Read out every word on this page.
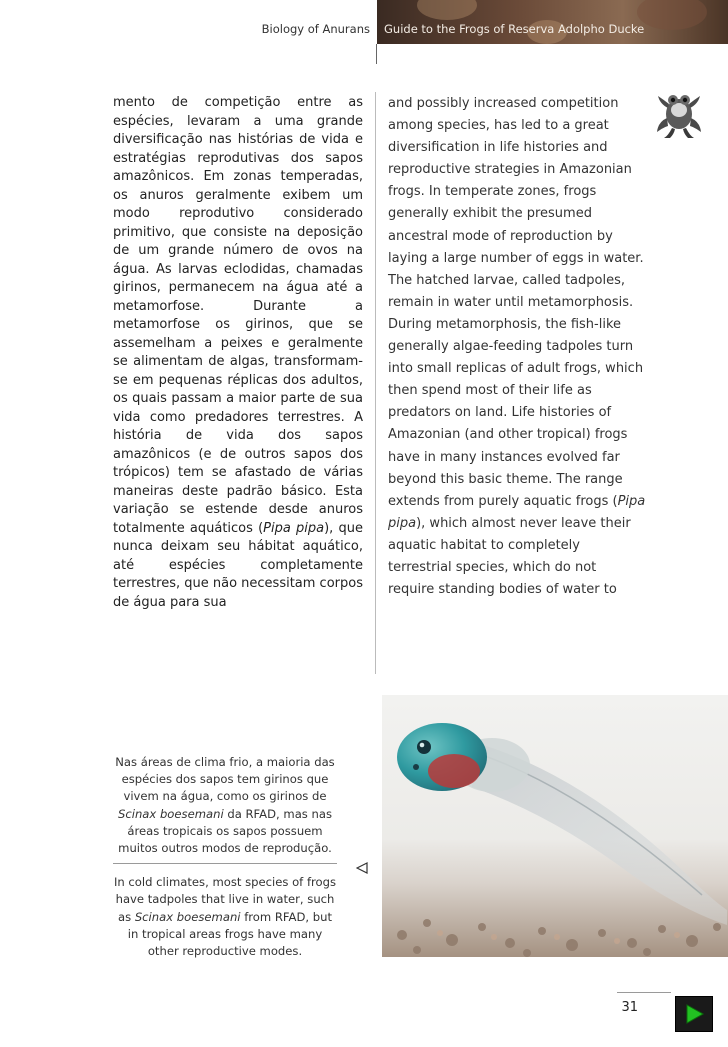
Biology of Anurans Guide to the Frogs of Reserva Adolpho Ducke
mento de competição entre as espécies, levaram a uma grande diversificação nas histórias de vida e estratégias reprodutivas dos sapos amazônicos. Em zonas temperadas, os anuros geralmente exibem um modo reprodutivo considerado primitivo, que consiste na deposição de um grande número de ovos na água. As larvas eclodidas, chamadas girinos, permanecem na água até a metamorfose. Durante a metamorfose os girinos, que se assemelham a peixes e geralmente se alimentam de algas, transformam-se em pequenas réplicas dos adultos, os quais passam a maior parte de sua vida como predadores terrestres. A história de vida dos sapos amazônicos (e de outros sapos dos trópicos) tem se afastado de várias maneiras deste padrão básico. Esta variação se estende desde anuros totalmente aquáticos (Pipa pipa), que nunca deixam seu hábitat aquático, até espécies completamente terrestres, que não necessitam corpos de água para sua
and possibly increased competition among species, has led to a great diversification in life histories and reproductive strategies in Amazonian frogs. In temperate zones, frogs generally exhibit the presumed ancestral mode of reproduction by laying a large number of eggs in water. The hatched larvae, called tadpoles, remain in water until metamorphosis. During metamorphosis, the fish-like generally algae-feeding tadpoles turn into small replicas of adult frogs, which then spend most of their life as predators on land. Life histories of Amazonian (and other tropical) frogs have in many instances evolved far beyond this basic theme. The range extends from purely aquatic frogs (Pipa pipa), which almost never leave their aquatic habitat to completely terrestrial species, which do not require standing bodies of water to
Nas áreas de clima frio, a maioria das espécies dos sapos tem girinos que vivem na água, como os girinos de Scinax boesemani da RFAD, mas nas áreas tropicais os sapos possuem muitos outros modos de reprodução.
In cold climates, most species of frogs have tadpoles that live in water, such as Scinax boesemani from RFAD, but in tropical areas frogs have many other reproductive modes.
31
